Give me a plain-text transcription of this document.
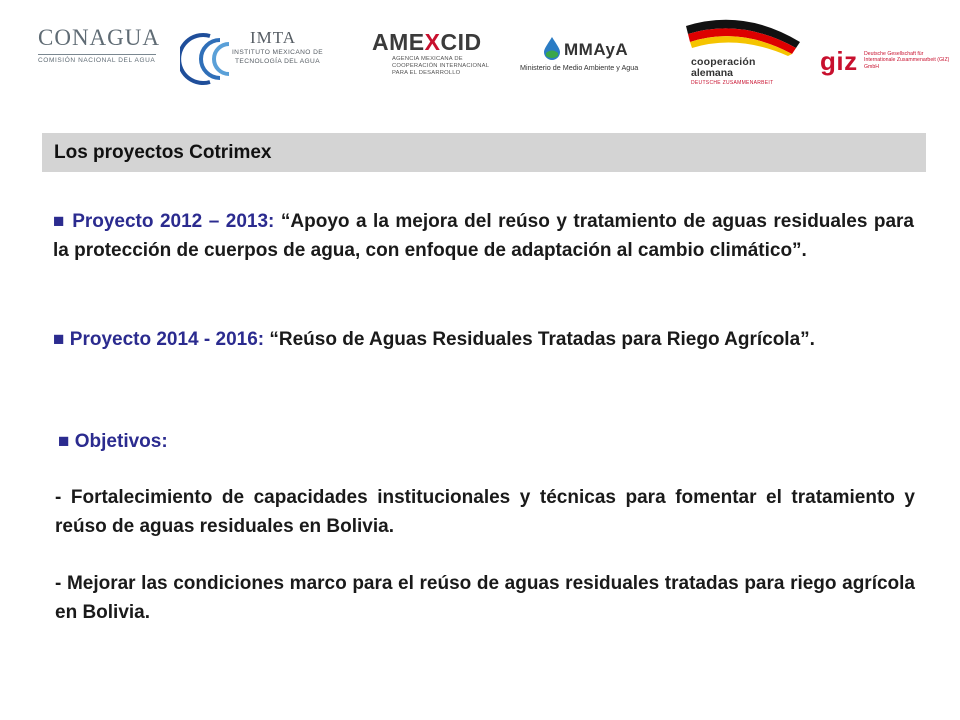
CONAGUA
COMISIÓN NACIONAL DEL AGUA
IMTA
INSTITUTO MEXICANO DE TECNOLOGÍA DEL AGUA
AMEXCID
AGENCIA MEXICANA DE COOPERACIÓN INTERNACIONAL PARA EL DESARROLLO
MMAyA
Ministerio de Medio Ambiente y Agua	cooperación
alemana
DEUTSCHE ZUSAMMENARBEIT
giz Deutsche Gesellschaft für Internationale Zusammenarbeit (GIZ) GmbH
Los proyectos Cotrimex
■ Proyecto 2012 – 2013: “Apoyo a la mejora del reúso y tratamiento de aguas residuales para la protección de cuerpos de agua, con enfoque de adaptación al cambio climático”.
■ Proyecto 2014 - 2016: “Reúso de Aguas Residuales Tratadas para Riego Agrícola”.
■ Objetivos:
- Fortalecimiento de capacidades institucionales y técnicas para fomentar el tratamiento y reúso de aguas residuales en Bolivia.
- Mejorar las condiciones marco para el reúso de aguas residuales tratadas para riego agrícola en Bolivia.
